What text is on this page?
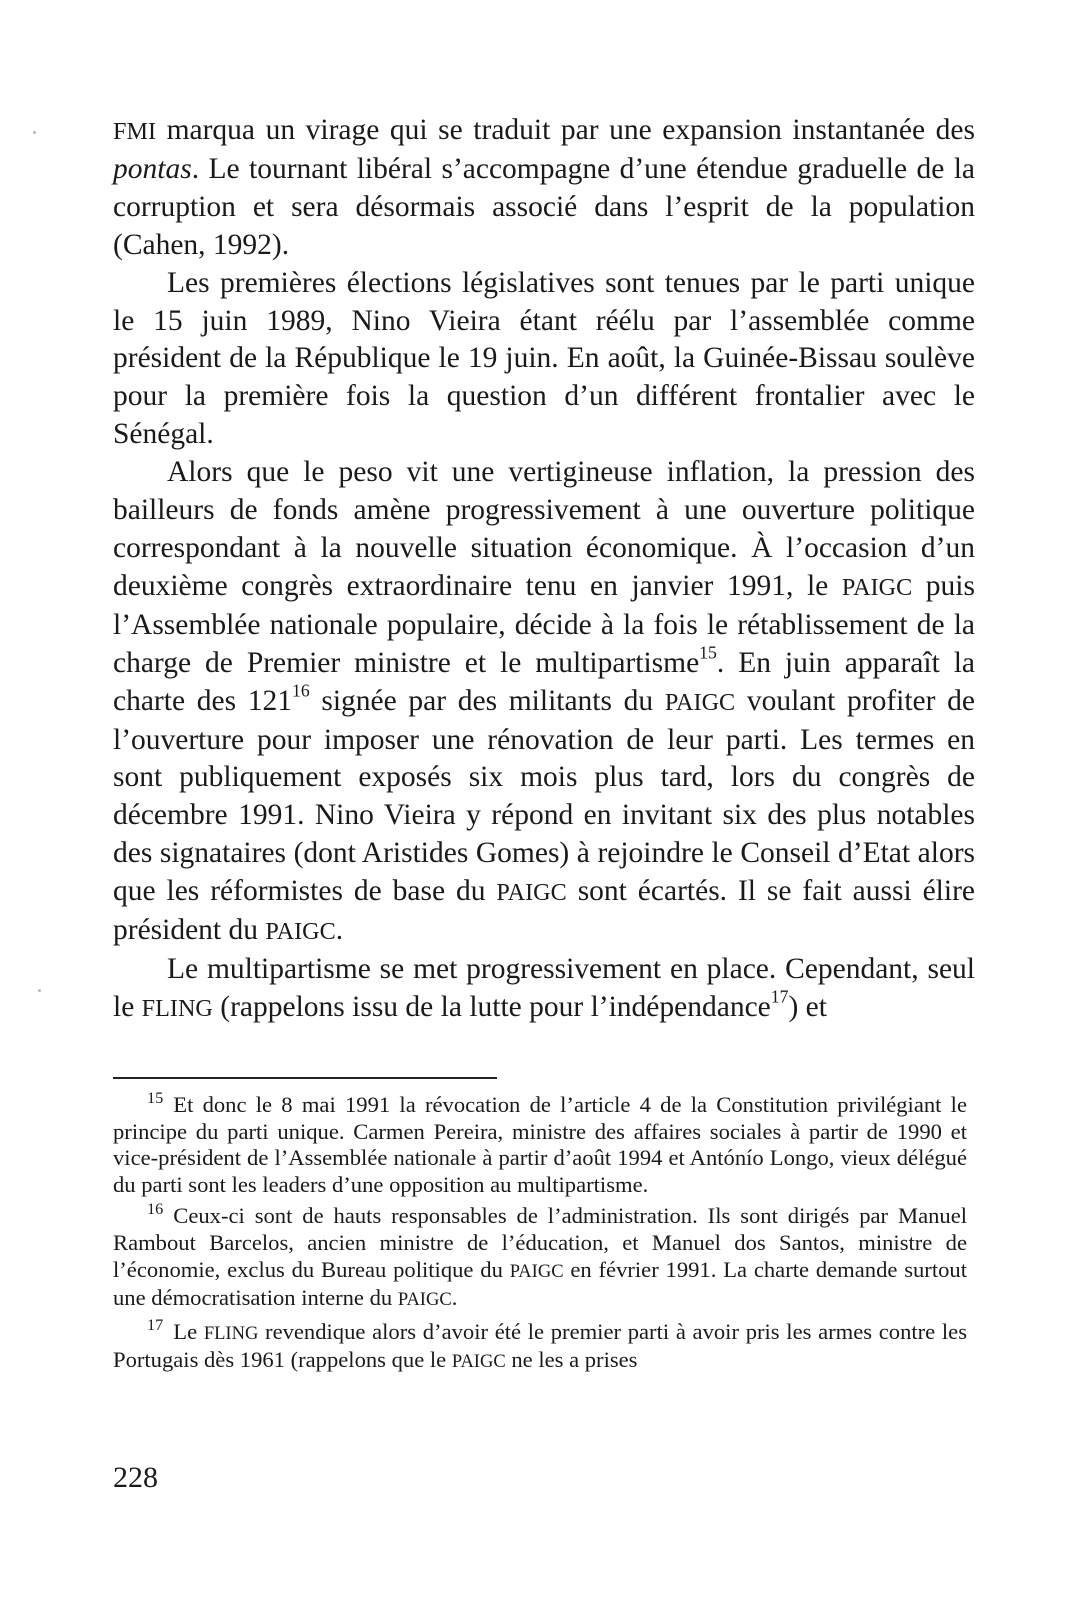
FMI marqua un virage qui se traduit par une expansion instantanée des pontas. Le tournant libéral s’accompagne d’une étendue graduelle de la corruption et sera désormais associé dans l’esprit de la population (Cahen, 1992).

Les premières élections législatives sont tenues par le parti unique le 15 juin 1989, Nino Vieira étant réélu par l’assemblée comme président de la République le 19 juin. En août, la Guinée-Bissau soulève pour la première fois la question d’un différent frontalier avec le Sénégal.

Alors que le peso vit une vertigineuse inflation, la pression des bailleurs de fonds amène progressivement à une ouverture politique correspondant à la nouvelle situation économique. À l’occasion d’un deuxième congrès extraordinaire tenu en janvier 1991, le PAIGC puis l’Assemblée nationale populaire, décide à la fois le rétablissement de la charge de Premier ministre et le multipartisme$^{15}$. En juin apparaît la charte des $121^{16}$ signée par des militants du PAIGC voulant profiter de l’ouverture pour imposer une rénovation de leur parti. Les termes en sont publiquement exposés six mois plus tard, lors du congrès de décembre 1991. Nino Vieira y répond en invitant six des plus notables des signataires (dont Aristides Gomes) à rejoindre le Conseil d’Etat alors que les réformistes de base du PAIGC sont écartés. Il se fait aussi élire président du PAIGC.

Le multipartisme se met progressivement en place. Cependant, seul le FLING (rappelons issu de la lutte pour l’indépendance$^{17}$) et

$^{15}$ Et donc le 8 mai 1991 la révocation de l’article 4 de la Constitution privilégiant le principe du parti unique. Carmen Pereira, ministre des affaires sociales à partir de 1990 et vice-président de l’Assemblée nationale à partir d’août 1994 et Antónío Longo, vieux délégué du parti sont les leaders d’une opposition au multipartisme.

$^{16}$ Ceux-ci sont de hauts responsables de l’administration. Ils sont dirigés par Manuel Rambout Barcelos, ancien ministre de l’éducation, et Manuel dos Santos, ministre de l’économie, exclus du Bureau politique du PAIGC en février 1991. La charte demande surtout une démocratisation interne du PAIGC.

$^{17}$ Le FLING revendique alors d’avoir été le premier parti à avoir pris les armes contre les Portugais dès 1961 (rappelons que le PAIGC ne les a prises

228
